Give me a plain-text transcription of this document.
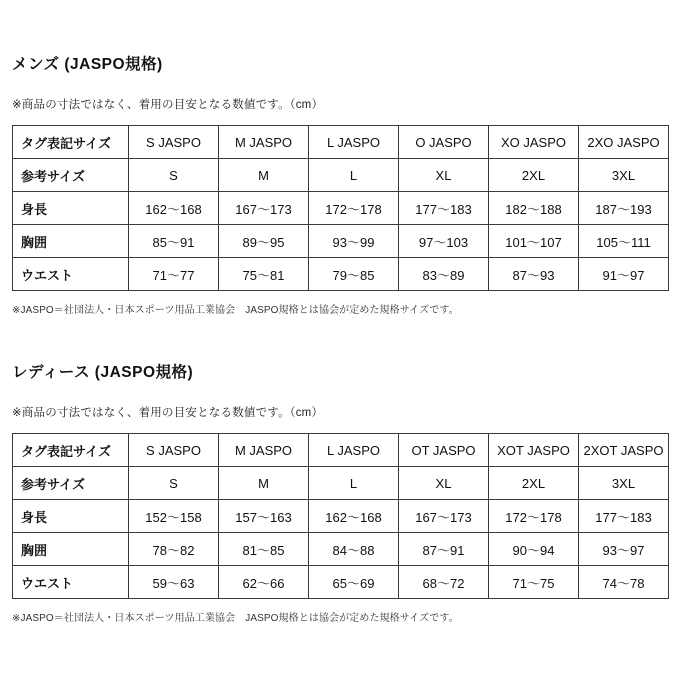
メンズ (JASPO規格)
※商品の寸法ではなく、着用の目安となる数値です。（cm）
タグ表記サイズ	S JASPO	M JASPO	L JASPO	O JASPO	XO JASPO	2XO JASPO
参考サイズ	S	M	L	XL	2XL	3XL
身長	162〜168	167〜173	172〜178	177〜183	182〜188	187〜193
胸囲	85〜91	89〜95	93〜99	97〜103	101〜107	105〜111
ウエスト	71〜77	75〜81	79〜85	83〜89	87〜93	91〜97
※JASPO＝社団法人・日本スポーツ用品工業協会　JASPO規格とは協会が定めた規格サイズです。
レディース (JASPO規格)
※商品の寸法ではなく、着用の目安となる数値です。（cm）
タグ表記サイズ	S JASPO	M JASPO	L JASPO	OT JASPO	XOT JASPO	2XOT JASPO
参考サイズ	S	M	L	XL	2XL	3XL
身長	152〜158	157〜163	162〜168	167〜173	172〜178	177〜183
胸囲	78〜82	81〜85	84〜88	87〜91	90〜94	93〜97
ウエスト	59〜63	62〜66	65〜69	68〜72	71〜75	74〜78
※JASPO＝社団法人・日本スポーツ用品工業協会　JASPO規格とは協会が定めた規格サイズです。
